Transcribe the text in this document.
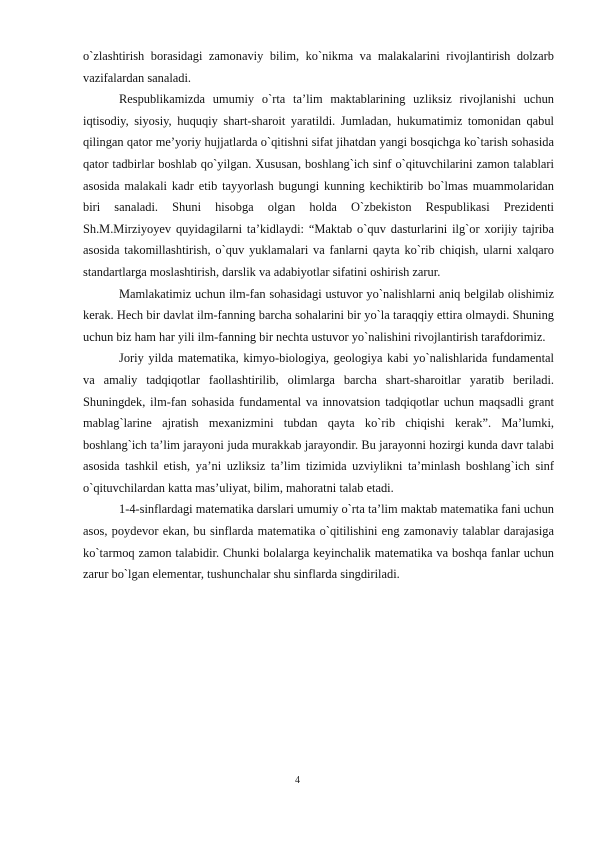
o`zlashtirish borasidagi zamonaviy bilim, ko`nikma va malakalarini rivojlantirish dolzarb vazifalardan sanaladi.

Respublikamizda umumiy o`rta ta’lim maktablarining uzliksiz rivojlanishi uchun iqtisodiy, siyosiy, huquqiy shart-sharoit yaratildi. Jumladan, hukumatimiz tomonidan qabul qilingan qator me’yoriy hujjatlarda o`qitishni sifat jihatdan yangi bosqichga ko`tarish sohasida qator tadbirlar boshlab qo`yilgan. Xususan, boshlang`ich sinf o`qituvchilarini zamon talablari asosida malakali kadr etib tayyorlash bugungi kunning kechiktirib bo`lmas muammolaridan biri sanaladi. Shuni hisobga olgan holda O`zbekiston Respublikasi Prezidenti Sh.M.Mirziyoyev quyidagilarni ta’kidlaydi: “Maktab o`quv dasturlarini ilg`or xorijiy tajriba asosida takomillashtirish, o`quv yuklamalari va fanlarni qayta ko`rib chiqish, ularni xalqaro standartlarga moslashtirish, darslik va adabiyotlar sifatini oshirish zarur.

Mamlakatimiz uchun ilm-fan sohasidagi ustuvor yo`nalishlarni aniq belgilab olishimiz kerak. Hech bir davlat ilm-fanning barcha sohalarini bir yo`la taraqqiy ettira olmaydi. Shuning uchun biz ham har yili ilm-fanning bir nechta ustuvor yo`nalishini rivojlantirish tarafdorimiz.

Joriy yilda matematika, kimyo-biologiya, geologiya kabi yo`nalishlarida fundamental va amaliy tadqiqotlar faollashtirilib, olimlarga barcha shart-sharoitlar yaratib beriladi. Shuningdek, ilm-fan sohasida fundamental va innovatsion tadqiqotlar uchun maqsadli grant mablag`larine ajratish mexanizmini tubdan qayta ko`rib chiqishi kerak”. Ma’lumki, boshlang`ich ta’lim jarayoni juda murakkab jarayondir. Bu jarayonni hozirgi kunda davr talabi asosida tashkil etish, ya’ni uzliksiz ta’lim tizimida uzviylikni ta’minlash boshlang`ich sinf o`qituvchilardan katta mas’uliyat, bilim, mahoratni talab etadi.

1-4-sinflardagi matematika darslari umumiy o`rta ta’lim maktab matematika fani uchun asos, poydevor ekan, bu sinflarda matematika o`qitilishini eng zamonaviy talablar darajasiga ko`tarmoq zamon talabidir. Chunki bolalarga keyinchalik matematika va boshqa fanlar uchun zarur bo`lgan elementar, tushunchalar shu sinflarda singdiriladi.

4
